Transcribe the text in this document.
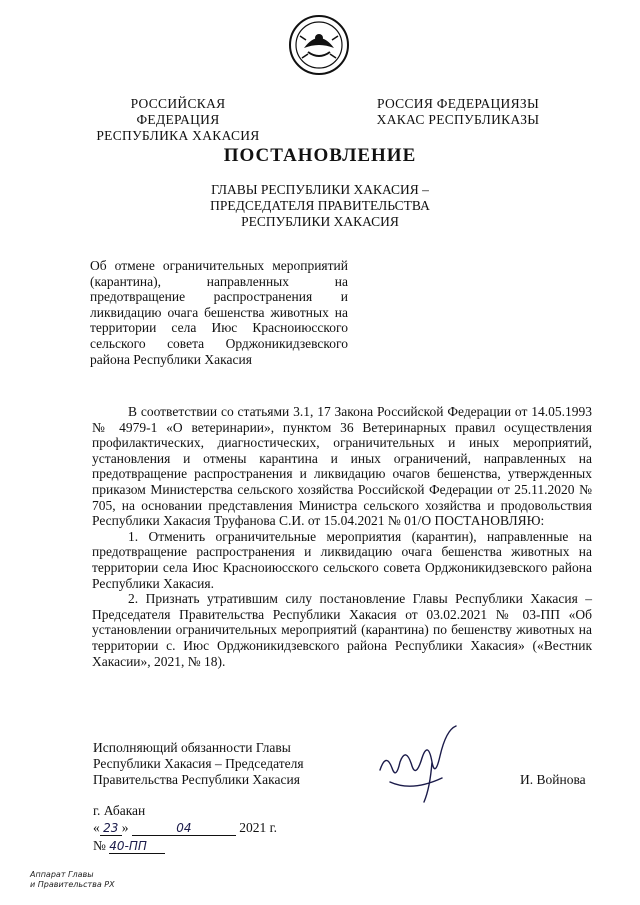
РОССИЙСКАЯ ФЕДЕРАЦИЯ
РЕСПУБЛИКА ХАКАСИЯ
РОССИЯ ФЕДЕРАЦИЯЗЫ
ХАКАС РЕСПУБЛИКАЗЫ
ПОСТАНОВЛЕНИЕ
ГЛАВЫ РЕСПУБЛИКИ ХАКАСИЯ –
ПРЕДСЕДАТЕЛЯ ПРАВИТЕЛЬСТВА
РЕСПУБЛИКИ ХАКАСИЯ
Об отмене ограничительных мероприятий (карантина), направленных на предотвращение распространения и ликвидацию очага бешенства животных на территории села Июс Красноиюсского сельского совета Орджоникидзевского района Республики Хакасия

В соответствии со статьями 3.1, 17 Закона Российской Федерации от 14.05.1993 № 4979-1 «О ветеринарии», пунктом 36 Ветеринарных правил осуществления профилактических, диагностических, ограничительных и иных мероприятий, установления и отмены карантина и иных ограничений, направленных на предотвращение распространения и ликвидацию очагов бешенства, утвержденных приказом Министерства сельского хозяйства Российской Федерации от 25.11.2020 № 705, на основании представления Министра сельского хозяйства и продовольствия Республики Хакасия Труфанова С.И. от 15.04.2021 № 01/О ПОСТАНОВЛЯЮ:

1. Отменить ограничительные мероприятия (карантин), направленные на предотвращение распространения и ликвидацию очага бешенства животных на территории села Июс Красноиюсского сельского совета Орджоникидзевского района Республики Хакасия.

2. Признать утратившим силу постановление Главы Республики Хакасия – Председателя Правительства Республики Хакасия от 03.02.2021 № 03-ПП «Об установлении ограничительных мероприятий (карантина) по бешенству животных на территории с. Июс Орджоникидзевского района Республики Хакасия» («Вестник Хакасии», 2021, № 18).

Исполняющий обязанности Главы
Республики Хакасия – Председателя
Правительства Республики Хакасия	И. Войнова
г. Абакан
« 23 »	04	2021 г.
№ 40-ПП
Аппарат Главы
и Правительства РХ
